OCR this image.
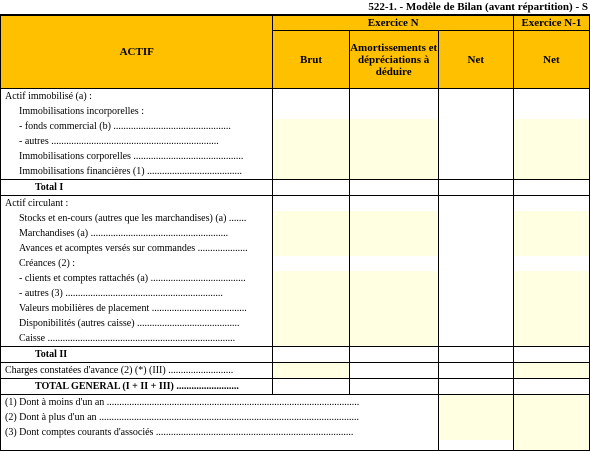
522-1. - Modèle de Bilan (avant répartition) - S
ACTIF	Exercice N			Exercice N-1
	Brut	Amortissements et dépréciations à déduire	Net	Net
Actif immobilisé (a) :				
Immobilisations incorporelles :				
- fonds commercial (b) ...............................................				
- autres ...................................................................				
Immobilisations corporelles ............................................				
Immobilisations financières (1) ......................................				
Total I				
Actif circulant :				
Stocks et en-cours (autres que les marchandises) (a) .......				
Marchandises (a) .......................................................				
Avances et acomptes versés sur commandes ....................				
Créances (2) :				
- clients et comptes rattachés (a) ......................................				
- autres (3) ...............................................................				
Valeurs mobilières de placement ......................................				
Disponibilités (autres caisse) .........................................				
Caisse ...........................................................................				
Total II				
Charges constatées d'avance (2) (*) (III) ..........................				
TOTAL GENERAL (I + II + III) .........................				
(1) Dont à moins d'un an .....................................................................................................				
(2) Dont à plus d'un an ........................................................................................................				
(3) Dont comptes courants d'associés ...............................................................................				
